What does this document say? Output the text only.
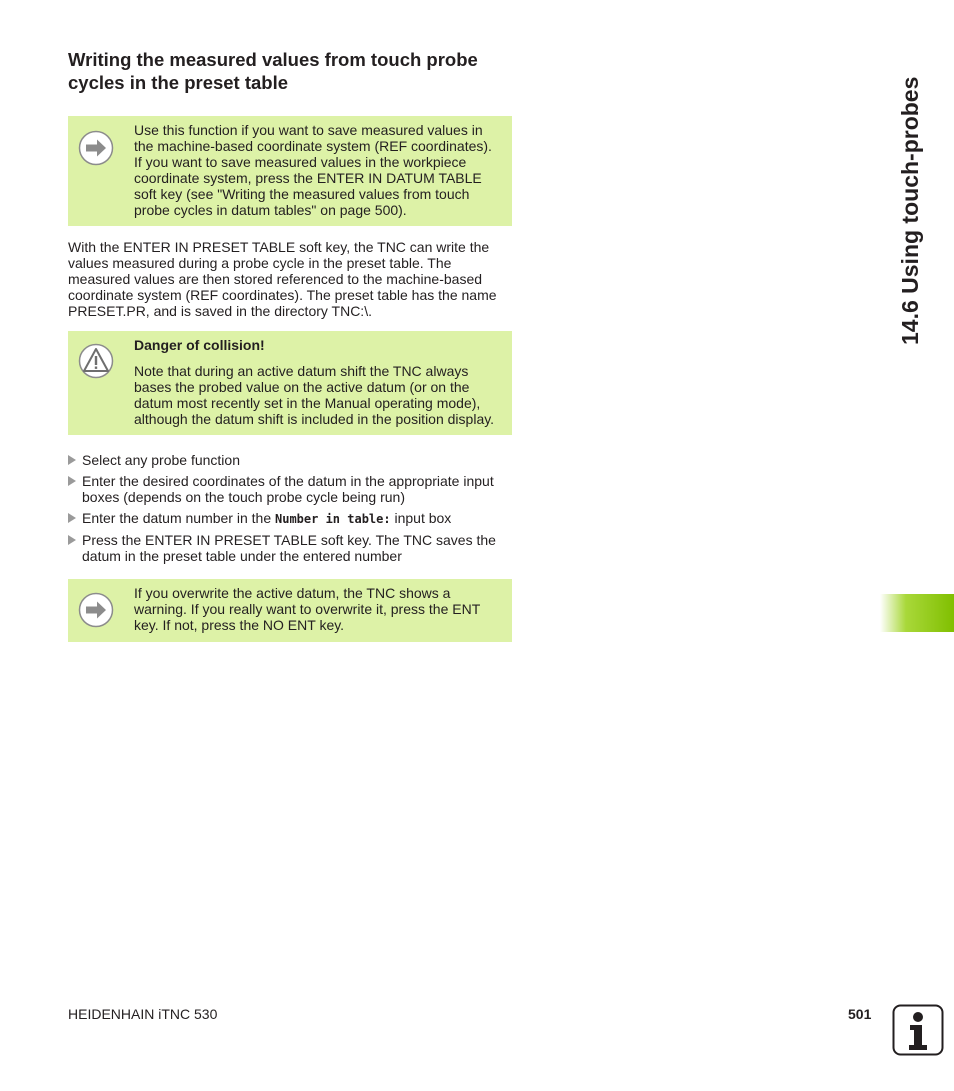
Writing the measured values from touch probe cycles in the preset table
Use this function if you want to save measured values in
the machine-based coordinate system (REF coordinates).
If you want to save measured values in the workpiece
coordinate system, press the ENTER IN DATUM TABLE
soft key (see "Writing the measured values from touch
probe cycles in datum tables" on page 500).
With the ENTER IN PRESET TABLE soft key, the TNC can write the
values measured during a probe cycle in the preset table. The
measured values are then stored referenced to the machine-based
coordinate system (REF coordinates). The preset table has the name
PRESET.PR, and is saved in the directory TNC:\.
Danger of collision!
Note that during an active datum shift the TNC always
bases the probed value on the active datum (or on the
datum most recently set in the Manual operating mode),
although the datum shift is included in the position display.
Select any probe function
Enter the desired coordinates of the datum in the appropriate input
boxes (depends on the touch probe cycle being run)
Enter the datum number in the Number in table: input box
Press the ENTER IN PRESET TABLE soft key. The TNC saves the
datum in the preset table under the entered number
If you overwrite the active datum, the TNC shows a
warning. If you really want to overwrite it, press the ENT
key. If not, press the NO ENT key.
14.6 Using touch-probes
HEIDENHAIN iTNC 530	501
